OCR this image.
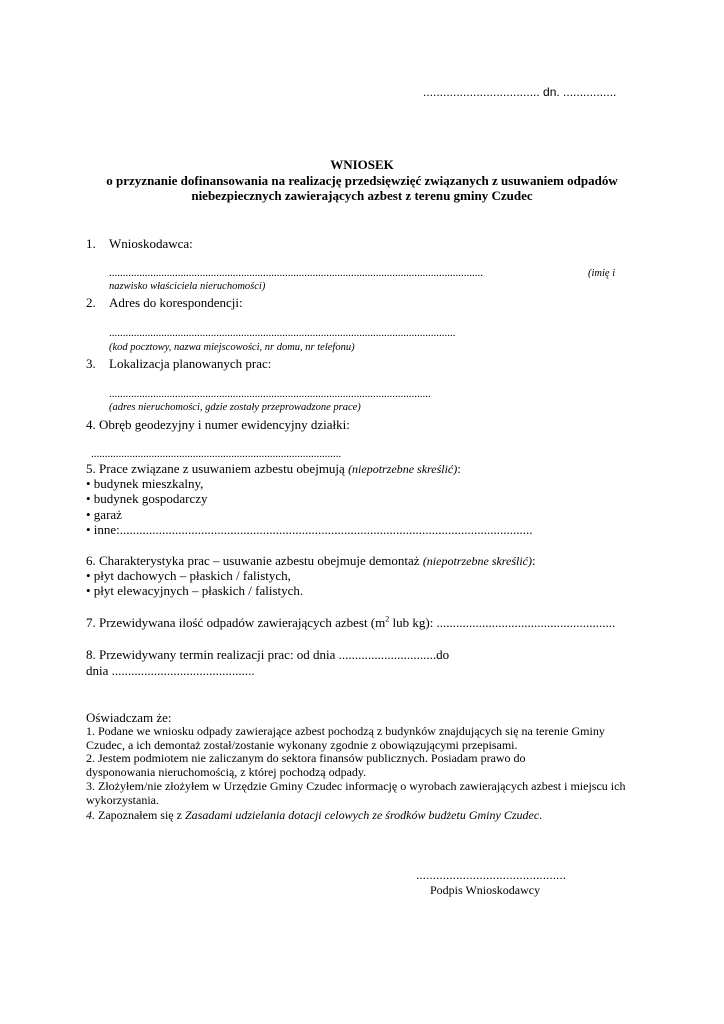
................................... dn. ................
WNIOSEK
o przyznanie dofinansowania na realizację przedsięwzięć związanych z usuwaniem odpadów
niebezpiecznych zawierających azbest z terenu gminy Czudec
1. Wnioskodawca:
........................................................................................................................................	(imię i
nazwisko właściciela nieruchomości)
2. Adres do korespondencji:
..............................................................................................................................
(kod pocztowy, nazwa miejscowości, nr domu, nr telefonu)
3. Lokalizacja planowanych prac:
.....................................................................................................................
(adres nieruchomości, gdzie zostały przeprowadzone prace)
4. Obręb geodezyjny i numer ewidencyjny działki:
...........................................................................................
5. Prace związane z usuwaniem azbestu obejmują (niepotrzebne skreślić):
• budynek mieszkalny,
• budynek gospodarczy
• garaż
• inne:...............................................................................................................................
6. Charakterystyka prac – usuwanie azbestu obejmuje demontaż (niepotrzebne skreślić):
• płyt dachowych – płaskich / falistych,
• płyt elewacyjnych – płaskich / falistych.
7. Przewidywana ilość odpadów zawierających azbest ($m^2$ lub kg): .......................................................
8. Przewidywany termin realizacji prac: od dnia ..............................do
dnia ............................................
Oświadczam że:
1. Podane we wniosku odpady zawierające azbest pochodzą z budynków znajdujących się na terenie Gminy
Czudec, a ich demontaż został/zostanie wykonany zgodnie z obowiązującymi przepisami.
2. Jestem podmiotem nie zaliczanym do sektora finansów publicznych. Posiadam prawo do
dysponowania nieruchomością, z której pochodzą odpady.
3. Złożyłem/nie złożyłem w Urzędzie Gminy Czudec informację o wyrobach zawierających azbest i miejscu ich
wykorzystania.
4. Zapoznałem się z Zasadami udzielania dotacji celowych ze środków budżetu Gminy Czudec.
.............................................
Podpis Wnioskodawcy
